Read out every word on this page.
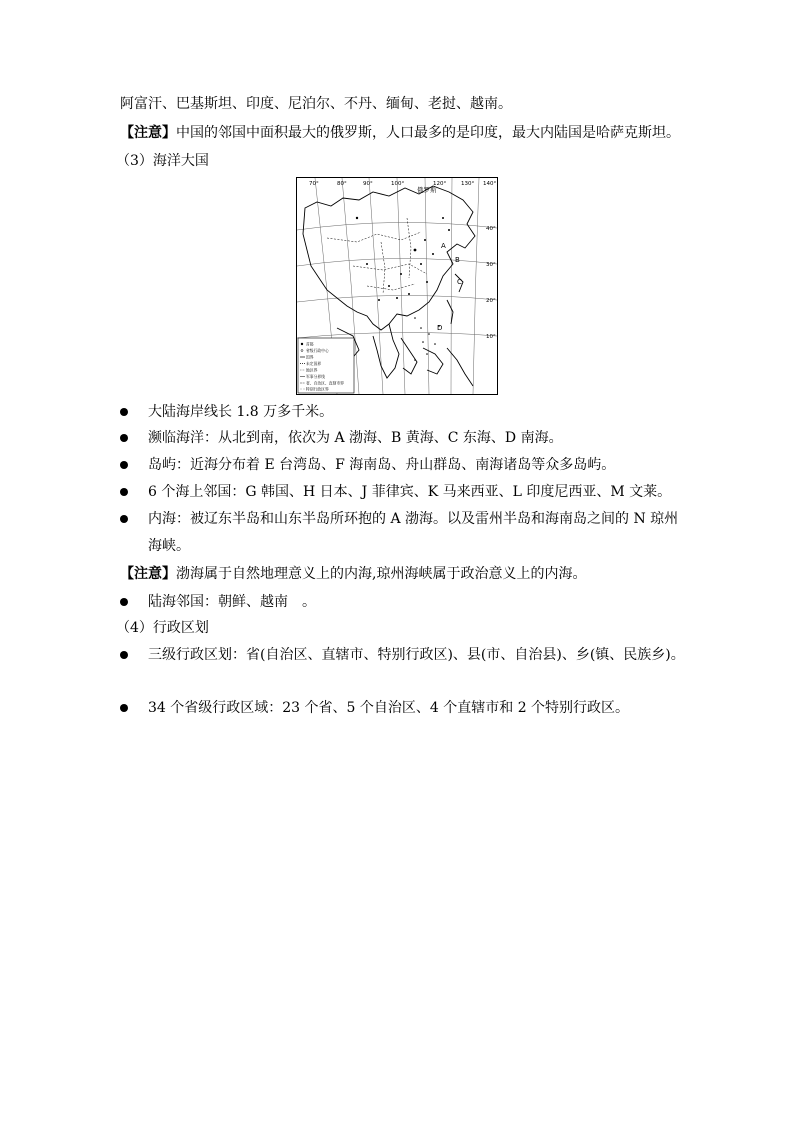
阿富汗、巴基斯坦、印度、尼泊尔、不丹、缅甸、老挝、越南。
【注意】中国的邻国中面积最大的俄罗斯，人口最多的是印度，最大内陆国是哈萨克斯坦。
（3）海洋大国
70°	80°	90°	100°	120°	130° 140°
40°
30°
20°
10°
俄罗斯
A
B
C
D
首都
省级行政中心
国界
未定国界
地区界
军事分界线
省、自治区、直辖市界
特别行政区界
大陆海岸线长 1.8 万多千米。
濒临海洋：从北到南，依次为 A 渤海、B 黄海、C 东海、D 南海。
岛屿：近海分布着 E 台湾岛、F 海南岛、舟山群岛、南海诸岛等众多岛屿。
6 个海上邻国：G 韩国、H 日本、J 菲律宾、K 马来西亚、L 印度尼西亚、M 文莱。
内海：被辽东半岛和山东半岛所环抱的 A 渤海。以及雷州半岛和海南岛之间的 N 琼州
海峡。
【注意】渤海属于自然地理意义上的内海,琼州海峡属于政治意义上的内海。
陆海邻国：朝鲜、越南　。
（4）行政区划
三级行政区划：省(自治区、直辖市、特别行政区)、县(市、自治县)、乡(镇、民族乡)。
34 个省级行政区域：23 个省、5 个自治区、4 个直辖市和 2 个特别行政区。
